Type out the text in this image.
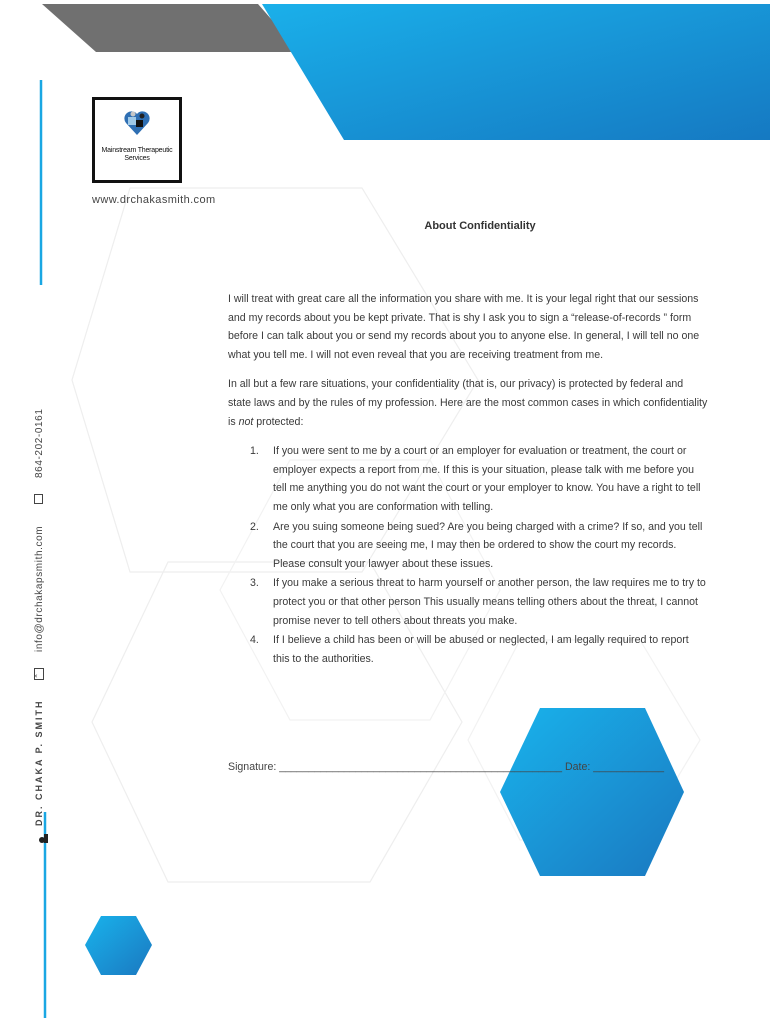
Mainstream Therapeutic
Services
www.drchakasmith.com
864-202-0161
info@drchakapsmith.com
×
DR. CHAKA P. SMITH
About Confidentiality

I will treat with great care all the information you share with me. It is your legal right that our sessions and my records about you be kept private. That is shy I ask you to sign a “release-of-records ” form before I can talk about you or send my records about you to anyone else. In general, I will tell no one what you tell me. I will not even reveal that you are receiving treatment from me.

In all but a few rare situations, your confidentiality (that is, our privacy) is protected by federal and state laws and by the rules of my profession. Here are the most common cases in which confidentiality is not protected:

1. If you were sent to me by a court or an employer for evaluation or treatment, the court or employer expects a report from me. If this is your situation, please talk with me before you tell me anything you do not want the court or your employer to know. You have a right to tell me only what you are conformation with telling.
2. Are you suing someone being sued? Are you being charged with a crime? If so, and you tell the court that you are seeing me, I may then be ordered to show the court my records. Please consult your lawyer about these issues.
3. If you make a serious threat to harm yourself or another person, the law requires me to try to protect you or that other person This usually means telling others about the threat, I cannot promise never to tell others about threats you make.
4. If I believe a child has been or will be abused or neglected, I am legally required to report this to the authorities.
Signature: ________________________________________________ Date: ____________
